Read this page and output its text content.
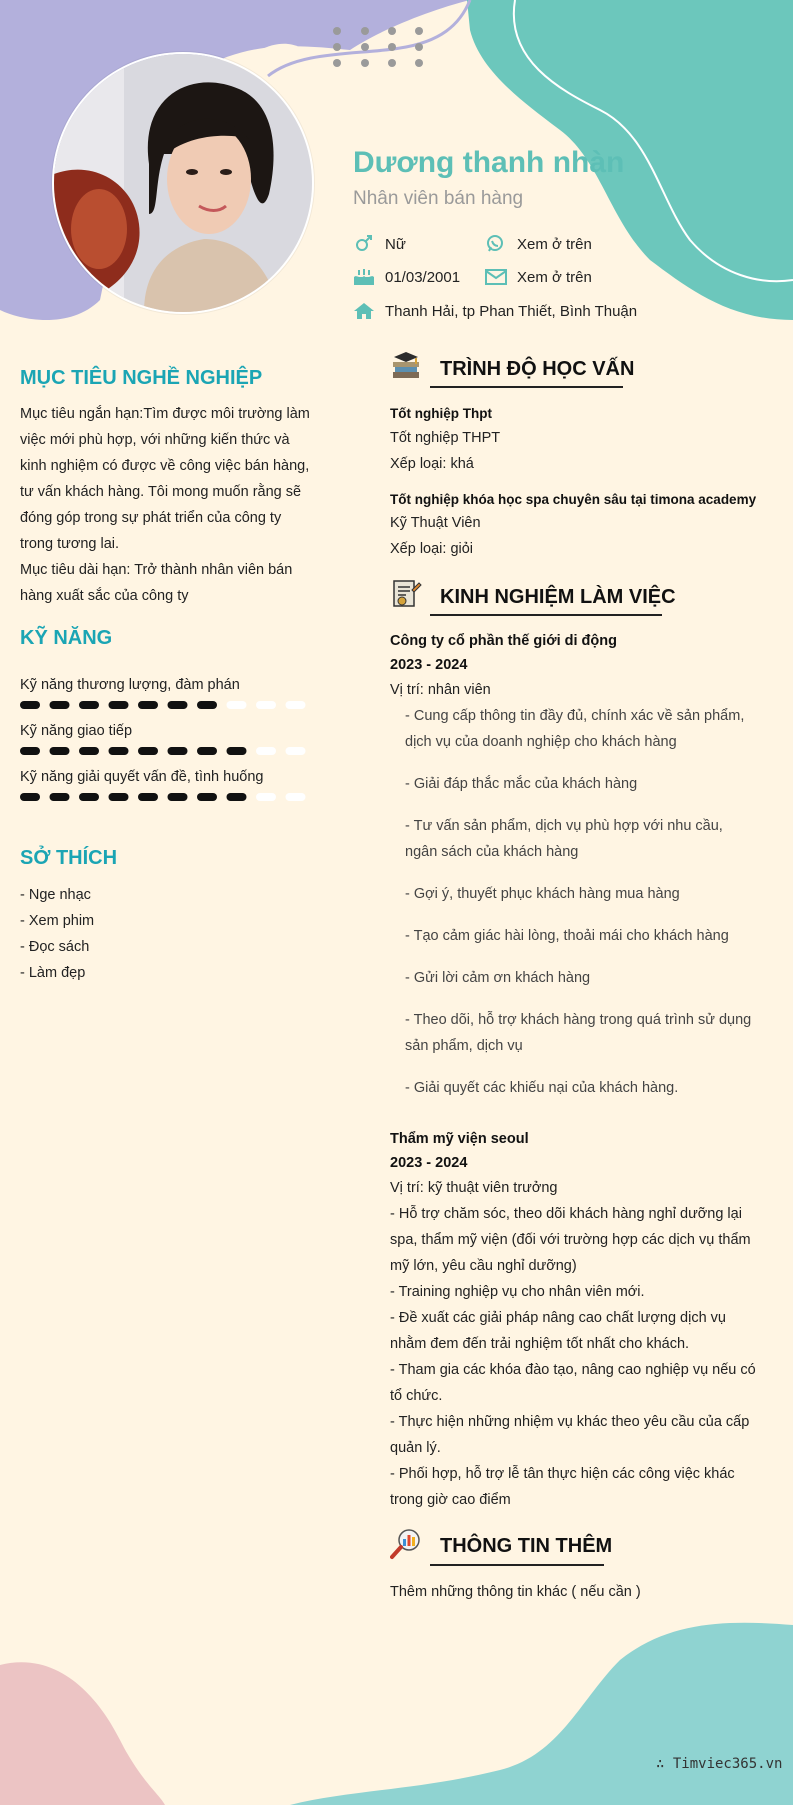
Dương thanh nhàn
Nhân viên bán hàng
Nữ	Xem ở trên
01/03/2001	Xem ở trên
Thanh Hải, tp Phan Thiết, Bình Thuận
MỤC TIÊU NGHỀ NGHIỆP
Mục tiêu ngắn hạn:Tìm được môi trường làm
việc mới phù hợp, với những kiến thức và
kinh nghiệm có được về công việc bán hàng,
tư vấn khách hàng. Tôi mong muốn rằng sẽ
đóng góp trong sự phát triển của công ty
trong tương lai.
Mục tiêu dài hạn: Trở thành nhân viên bán
hàng xuất sắc của công ty
KỸ NĂNG
Kỹ năng thương lượng, đàm phán
Kỹ năng giao tiếp
Kỹ năng giải quyết vấn đề, tình huống
SỞ THÍCH
- Nge nhạc
- Xem phim
- Đọc sách
- Làm đẹp
TRÌNH ĐỘ HỌC VẤN
Tốt nghiệp Thpt
Tốt nghiệp THPT
Xếp loại: khá
Tốt nghiệp khóa học spa chuyên sâu tại timona academy
Kỹ Thuật Viên
Xếp loại: giỏi
KINH NGHIỆM LÀM VIỆC
Công ty cổ phần thế giới di động
2023 - 2024
Vị trí: nhân viên
- Cung cấp thông tin đầy đủ, chính xác về sản phẩm,
dịch vụ của doanh nghiệp cho khách hàng
- Giải đáp thắc mắc của khách hàng
- Tư vấn sản phẩm, dịch vụ phù hợp với nhu cầu,
ngân sách của khách hàng
- Gợi ý, thuyết phục khách hàng mua hàng
- Tạo cảm giác hài lòng, thoải mái cho khách hàng
- Gửi lời cảm ơn khách hàng
- Theo dõi, hỗ trợ khách hàng trong quá trình sử dụng
sản phẩm, dịch vụ
- Giải quyết các khiếu nại của khách hàng.
Thẩm mỹ viện seoul
2023 - 2024
Vị trí: kỹ thuật viên trưởng
- Hỗ trợ chăm sóc, theo dõi khách hàng nghỉ dưỡng lại
spa, thẩm mỹ viện (đối với trường hợp các dịch vụ thẩm
mỹ lớn, yêu cầu nghỉ dưỡng)
- Training nghiệp vụ cho nhân viên mới.
- Đề xuất các giải pháp nâng cao chất lượng dịch vụ
nhằm đem đến trải nghiệm tốt nhất cho khách.
- Tham gia các khóa đào tạo, nâng cao nghiệp vụ nếu có
tổ chức.
- Thực hiện những nhiệm vụ khác theo yêu cầu của cấp
quản lý.
- Phối hợp, hỗ trợ lễ tân thực hiện các công việc khác
trong giờ cao điểm
THÔNG TIN THÊM
Thêm những thông tin khác ( nếu cần )
∴ Timviec365.vn
